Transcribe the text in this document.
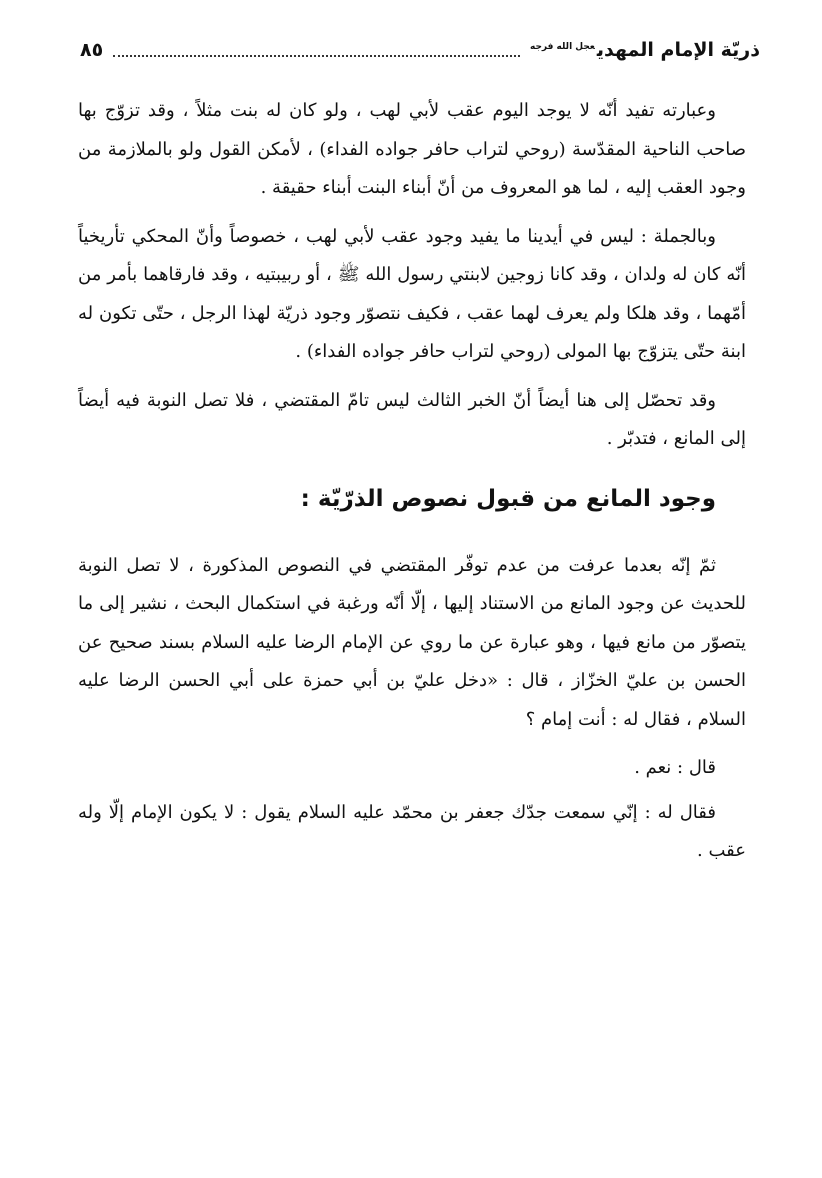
ذريّة الإمام المهدي$^{عجل الله فرجه}$
٨٥

وعبارته تفيد أنّه لا يوجد اليوم عقب لأبي لهب ، ولو كان له بنت مثلاً ، وقد تزوّج بها صاحب الناحية المقدّسة (روحي لتراب حافر جواده الفداء) ، لأمكن القول ولو بالملازمة من وجود العقب إليه ، لما هو المعروف من أنّ أبناء البنت أبناء حقيقة .

وبالجملة : ليس في أيدينا ما يفيد وجود عقب لأبي لهب ، خصوصاً وأنّ المحكي تأريخياً أنّه كان له ولدان ، وقد كانا زوجين لابنتي رسول الله ﷺ ، أو ربيبتيه ، وقد فارقاهما بأمر من أمّهما ، وقد هلكا ولم يعرف لهما عقب ، فكيف نتصوّر وجود ذريّة لهذا الرجل ، حتّى تكون له ابنة حتّى يتزوّج بها المولى (روحي لتراب حافر جواده الفداء) .

وقد تحصّل إلى هنا أيضاً أنّ الخبر الثالث ليس تامّ المقتضي ، فلا تصل النوبة فيه أيضاً إلى المانع ، فتدبّر .

وجود المانع من قبول نصوص الذرّيّة :

ثمّ إنّه بعدما عرفت من عدم توفّر المقتضي في النصوص المذكورة ، لا تصل النوبة للحديث عن وجود المانع من الاستناد إليها ، إلّا أنّه ورغبة في استكمال البحث ، نشير إلى ما يتصوّر من مانع فيها ، وهو عبارة عن ما روي عن الإمام الرضا عليه السلام بسند صحيح عن الحسن بن عليّ الخزّاز ، قال : «دخل عليّ بن أبي حمزة على أبي الحسن الرضا عليه السلام ، فقال له : أنت إمام ؟

قال : نعم .

فقال له : إنّي سمعت جدّك جعفر بن محمّد عليه السلام يقول : لا يكون الإمام إلّا وله عقب .
